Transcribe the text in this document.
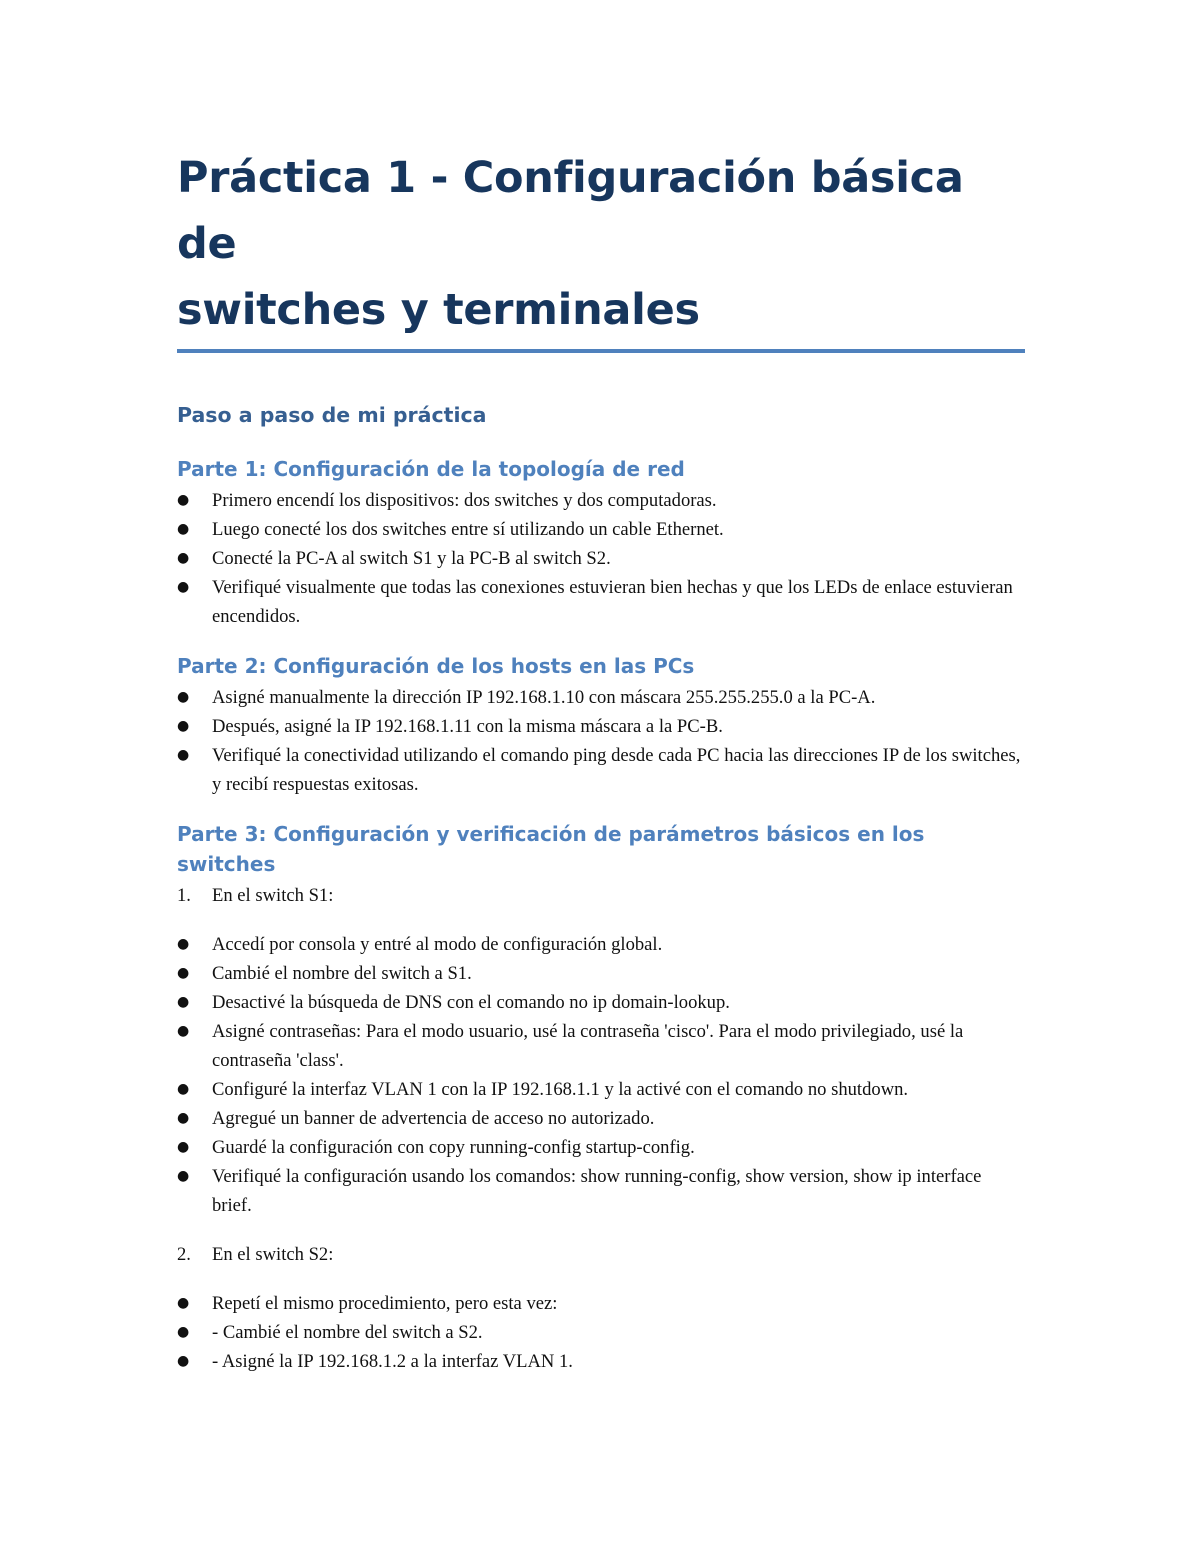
Práctica 1 - Configuración básica de
switches y terminales
Paso a paso de mi práctica
Parte 1: Configuración de la topología de red
●	Primero encendí los dispositivos: dos switches y dos computadoras.
●	Luego conecté los dos switches entre sí utilizando un cable Ethernet.
●	Conecté la PC-A al switch S1 y la PC-B al switch S2.
●	Verifiqué visualmente que todas las conexiones estuvieran bien hechas y que los LEDs de enlace estuvieran encendidos.
Parte 2: Configuración de los hosts en las PCs
●	Asigné manualmente la dirección IP 192.168.1.10 con máscara 255.255.255.0 a la PC-A.
●	Después, asigné la IP 192.168.1.11 con la misma máscara a la PC-B.
●	Verifiqué la conectividad utilizando el comando ping desde cada PC hacia las direcciones IP de los switches, y recibí respuestas exitosas.
Parte 3: Configuración y verificación de parámetros básicos en los switches
1.	En el switch S1:
●	Accedí por consola y entré al modo de configuración global.
●	Cambié el nombre del switch a S1.
●	Desactivé la búsqueda de DNS con el comando no ip domain-lookup.
●	Asigné contraseñas: Para el modo usuario, usé la contraseña 'cisco'. Para el modo privilegiado, usé la contraseña 'class'.
●	Configuré la interfaz VLAN 1 con la IP 192.168.1.1 y la activé con el comando no shutdown.
●	Agregué un banner de advertencia de acceso no autorizado.
●	Guardé la configuración con copy running-config startup-config.
●	Verifiqué la configuración usando los comandos: show running-config, show version, show ip interface brief.
2.	En el switch S2:
●	Repetí el mismo procedimiento, pero esta vez:
●	- Cambié el nombre del switch a S2.
●	- Asigné la IP 192.168.1.2 a la interfaz VLAN 1.
